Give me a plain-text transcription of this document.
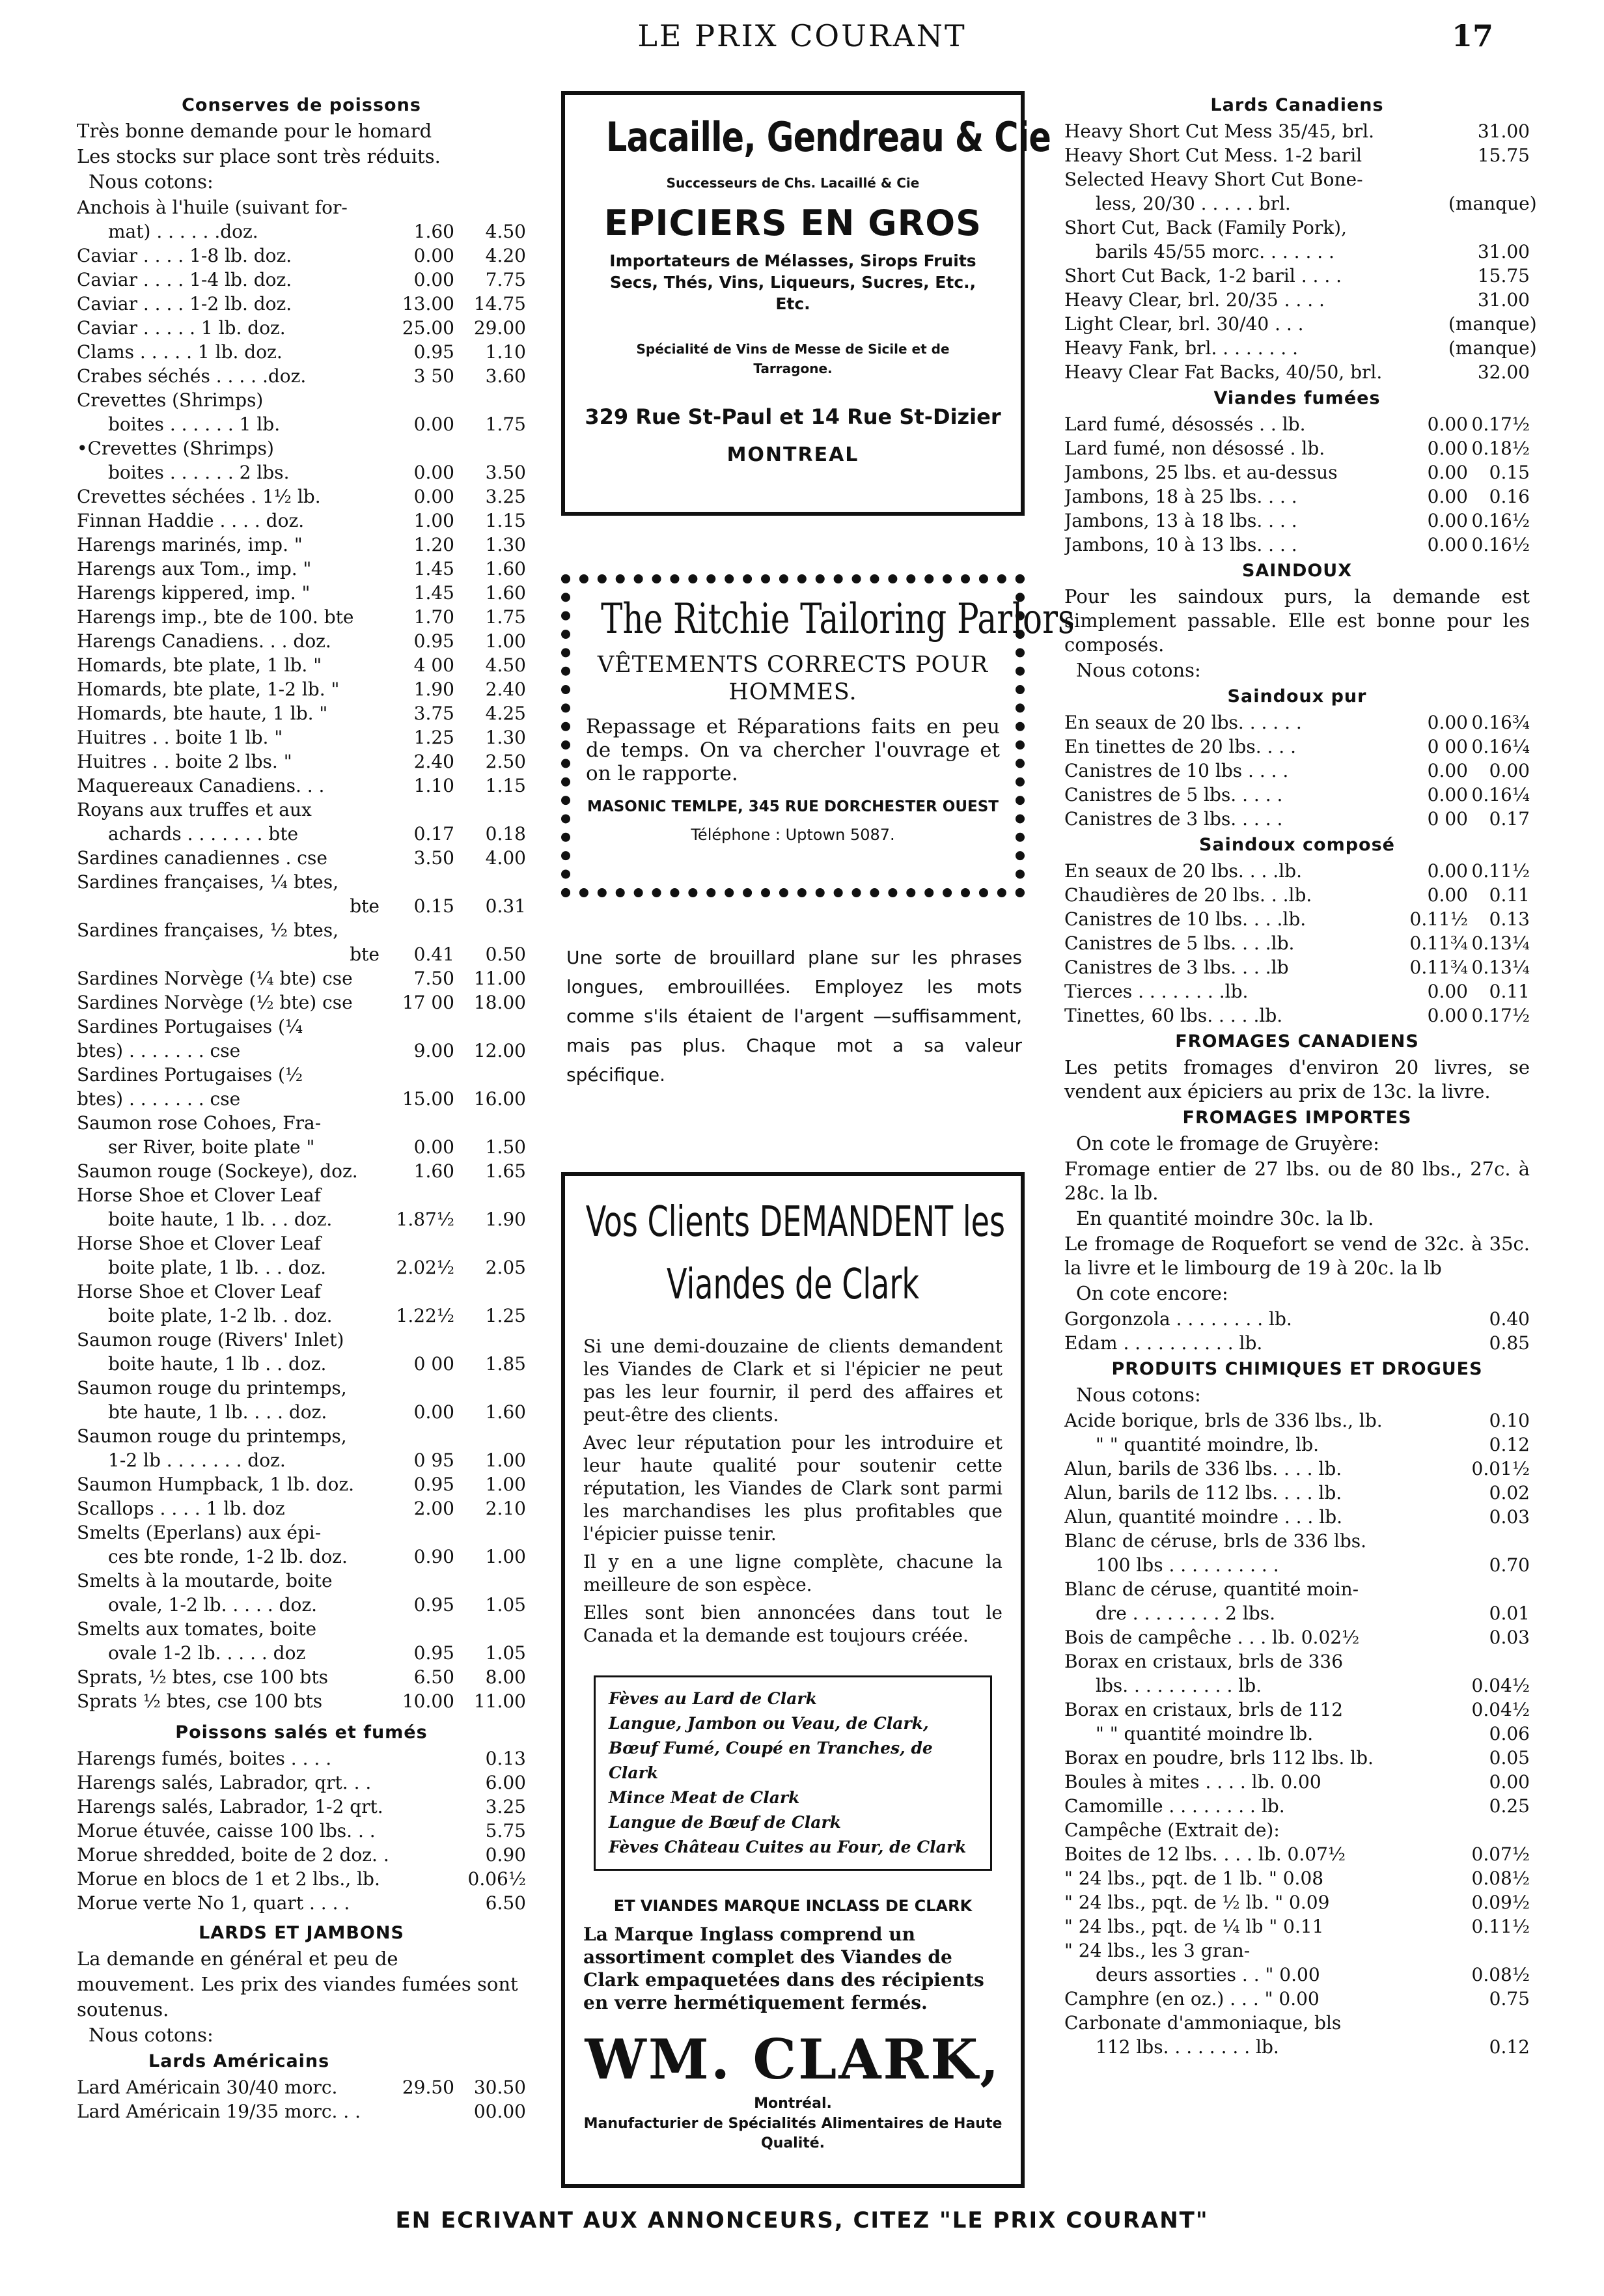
LE PRIX COURANT	17
Conserves de poissons
Très bonne demande pour le homard
Les stocks sur place sont très réduits.
Nous cotons:
Anchois à l'huile (suivant for-
mat) . . . . . .doz.	1.60	4.50
Caviar . . . . 1-8 lb. doz.	0.00	4.20
Caviar . . . . 1-4 lb. doz.	0.00	7.75
Caviar . . . . 1-2 lb. doz.	13.00	14.75
Caviar . . . . . 1 lb. doz.	25.00	29.00
Clams . . . . . 1 lb. doz.	0.95	1.10
Crabes séchés . . . . .doz.	3 50	3.60
Crevettes (Shrimps)
boites . . . . . . 1 lb.	0.00	1.75
•Crevettes (Shrimps)
boites . . . . . . 2 lbs.	0.00	3.50
Crevettes séchées . 1½ lb.	0.00	3.25
Finnan Haddie . . . . doz.	1.00	1.15
Harengs marinés, imp. "	1.20	1.30
Harengs aux Tom., imp. "	1.45	1.60
Harengs kippered, imp. "	1.45	1.60
Harengs imp., bte de 100. bte	1.70	1.75
Harengs Canadiens. . . doz.	0.95	1.00
Homards, bte plate, 1 lb. "	4 00	4.50
Homards, bte plate, 1-2 lb. "	1.90	2.40
Homards, bte haute, 1 lb. "	3.75	4.25
Huitres . . boite 1 lb. "	1.25	1.30
Huitres . . boite 2 lbs. "	2.40	2.50
Maquereaux Canadiens. . .	1.10	1.15
Royans aux truffes et aux
achards . . . . . . . bte	0.17	0.18
Sardines canadiennes . cse	3.50	4.00
Sardines françaises, ¼ btes,
bte	0.15	0.31
Sardines françaises, ½ btes,
bte	0.41	0.50
Sardines Norvège (¼ bte) cse	7.50	11.00
Sardines Norvège (½ bte) cse	17 00	18.00
Sardines Portugaises (¼
btes) . . . . . . . cse	9.00	12.00
Sardines Portugaises (½
btes) . . . . . . . cse	15.00	16.00
Saumon rose Cohoes, Fra-
ser River, boite plate "	0.00	1.50
Saumon rouge (Sockeye), doz.	1.60	1.65
Horse Shoe et Clover Leaf
boite haute, 1 lb. . . doz.	1.87½	1.90
Horse Shoe et Clover Leaf
boite plate, 1 lb. . . doz.	2.02½	2.05
Horse Shoe et Clover Leaf
boite plate, 1-2 lb. . doz.	1.22½	1.25
Saumon rouge (Rivers' Inlet)
boite haute, 1 lb . . doz.	0 00	1.85
Saumon rouge du printemps,
bte haute, 1 lb. . . . doz.	0.00	1.60
Saumon rouge du printemps,
1-2 lb . . . . . . . doz.	0 95	1.00
Saumon Humpback, 1 lb. doz.	0.95	1.00
Scallops . . . . 1 lb. doz	2.00	2.10
Smelts (Eperlans) aux épi-
ces bte ronde, 1-2 lb. doz.	0.90	1.00
Smelts à la moutarde, boite
ovale, 1-2 lb. . . . . doz.	0.95	1.05
Smelts aux tomates, boite
ovale 1-2 lb. . . . . doz	0.95	1.05
Sprats, ½ btes, cse 100 bts	6.50	8.00
Sprats ½ btes, cse 100 bts	10.00	11.00
Poissons salés et fumés
Harengs fumés, boites . . . .	0.13
Harengs salés, Labrador, qrt. . .	6.00
Harengs salés, Labrador, 1-2 qrt.	3.25
Morue étuvée, caisse 100 lbs. . .	5.75
Morue shredded, boite de 2 doz. .	0.90
Morue en blocs de 1 et 2 lbs., lb.	0.06½
Morue verte No 1, quart . . . .	6.50
LARDS ET JAMBONS
La demande en général et peu de
mouvement. Les prix des viandes fumées sont
soutenus.
Nous cotons:
Lards Américains
Lard Américain 30/40 morc.	29.50	30.50
Lard Américain 19/35 morc. . .	00.00
Lacaille, Gendreau & Cie
Successeurs de Chs. Lacaillé & Cie
EPICIERS EN GROS
Importateurs de Mélasses, Sirops Fruits Secs, Thés, Vins, Liqueurs, Sucres, Etc., Etc.
Spécialité de Vins de Messe de Sicile et de Tarragone.
329 Rue St-Paul et 14 Rue St-Dizier
MONTREAL
The Ritchie Tailoring Parlors
VÊTEMENTS CORRECTS POUR HOMMES.
Repassage et Réparations faits en peu de temps. On va chercher l'ouvrage et on le rapporte.
MASONIC TEMLPE, 345 RUE DORCHESTER OUEST
Téléphone : Uptown 5087.
Une sorte de brouillard plane sur les phrases longues, embrouillées. Employez les mots comme s'ils étaient de l'argent —suffisamment, mais pas plus. Chaque mot a sa valeur spécifique.
Vos Clients DEMANDENT les
Viandes de Clark
Si une demi-douzaine de clients demandent les Viandes de Clark et si l'épicier ne peut pas les leur fournir, il perd des affaires et peut-être des clients.
Avec leur réputation pour les introduire et leur haute qualité pour soutenir cette réputation, les Viandes de Clark sont parmi les marchandises les plus profitables que l'épicier puisse tenir.
Il y en a une ligne complète, chacune la meilleure de son espèce.
Elles sont bien annoncées dans tout le Canada et la demande est toujours créée.
Fèves au Lard de Clark
Langue, Jambon ou Veau, de Clark,
Bœuf Fumé, Coupé en Tranches, de Clark
Mince Meat de Clark
Langue de Bœuf de Clark
Fèves Château Cuites au Four, de Clark
ET VIANDES MARQUE INCLASS DE CLARK
La Marque Inglass comprend un assortiment complet des Viandes de Clark empaquetées dans des récipients en verre hermétiquement fermés.
WM. CLARK,
Montréal.
Manufacturier de Spécialités Alimentaires de Haute Qualité.
Lards Canadiens
Heavy Short Cut Mess 35/45, brl.	31.00
Heavy Short Cut Mess. 1-2 baril	15.75
Selected Heavy Short Cut Bone-
less, 20/30 . . . . . brl.	(manque)
Short Cut, Back (Family Pork),
barils 45/55 morc. . . . . . .	31.00
Short Cut Back, 1-2 baril . . . .	15.75
Heavy Clear, brl. 20/35 . . . .	31.00
Light Clear, brl. 30/40 . . .	(manque)
Heavy Fank, brl. . . . . . . .	(manque)
Heavy Clear Fat Backs, 40/50, brl.	32.00
Viandes fumées
Lard fumé, désossés . . lb.	0.00 0.17½
Lard fumé, non désossé . lb.	0.00 0.18½
Jambons, 25 lbs. et au-dessus	0.00	0.15
Jambons, 18 à 25 lbs. . . .	0.00	0.16
Jambons, 13 à 18 lbs. . . .	0.00 0.16½
Jambons, 10 à 13 lbs. . . .	0.00 0.16½
SAINDOUX
Pour les saindoux purs, la demande est simplement passable. Elle est bonne pour les composés.
Nous cotons:
Saindoux pur
En seaux de 20 lbs. . . . . .	0.00 0.16¾
En tinettes de 20 lbs. . . .	0 00 0.16¼
Canistres de 10 lbs . . . .	0.00	0.00
Canistres de 5 lbs. . . . .	0.00 0.16¼
Canistres de 3 lbs. . . . .	0 00	0.17
Saindoux composé
En seaux de 20 lbs. . . .lb.	0.00 0.11½
Chaudières de 20 lbs. . .lb.	0.00	0.11
Canistres de 10 lbs. . . .lb.	0.11½	0.13
Canistres de 5 lbs. . . .lb.	0.11¾ 0.13¼
Canistres de 3 lbs. . . .lb	0.11¾ 0.13¼
Tierces . . . . . . . .lb.	0.00	0.11
Tinettes, 60 lbs. . . . .lb.	0.00 0.17½
FROMAGES CANADIENS
Les petits fromages d'environ 20 livres, se vendent aux épiciers au prix de 13c. la livre.
FROMAGES IMPORTES
On cote le fromage de Gruyère:
Fromage entier de 27 lbs. ou de 80 lbs., 27c. à 28c. la lb.
En quantité moindre 30c. la lb.
Le fromage de Roquefort se vend de 32c. à 35c. la livre et le limbourg de 19 à 20c. la lb
On cote encore:
Gorgonzola . . . . . . . . lb.	0.40
Edam . . . . . . . . . . lb.	0.85
PRODUITS CHIMIQUES ET DROGUES
Nous cotons:
Acide borique, brls de 336 lbs., lb.	0.10
" " quantité moindre, lb.	0.12
Alun, barils de 336 lbs. . . . lb.	0.01½
Alun, barils de 112 lbs. . . . lb.	0.02
Alun, quantité moindre . . . lb.	0.03
Blanc de céruse, brls de 336 lbs.
100 lbs . . . . . . . . . .	0.70
Blanc de céruse, quantité moin-
dre . . . . . . . . 2 lbs.	0.01
Bois de campêche . . . lb. 0.02½	0.03
Borax en cristaux, brls de 336
lbs. . . . . . . . . . lb.	0.04½
Borax en cristaux, brls de 112	0.04½
" " quantité moindre lb.	0.06
Borax en poudre, brls 112 lbs. lb.	0.05
Boules à mites . . . . lb. 0.00	0.00
Camomille . . . . . . . . lb.	0.25
Campêche (Extrait de):
Boites de 12 lbs. . . . lb. 0.07½	0.07½
" 24 lbs., pqt. de 1 lb. " 0.08	0.08½
" 24 lbs., pqt. de ½ lb. " 0.09	0.09½
" 24 lbs., pqt. de ¼ lb " 0.11	0.11½
" 24 lbs., les 3 gran-
deurs assorties . . " 0.00	0.08½
Camphre (en oz.) . . . " 0.00	0.75
Carbonate d'ammoniaque, bls
112 lbs. . . . . . . . lb.	0.12
EN ECRIVANT AUX ANNONCEURS, CITEZ "LE PRIX COURANT"
